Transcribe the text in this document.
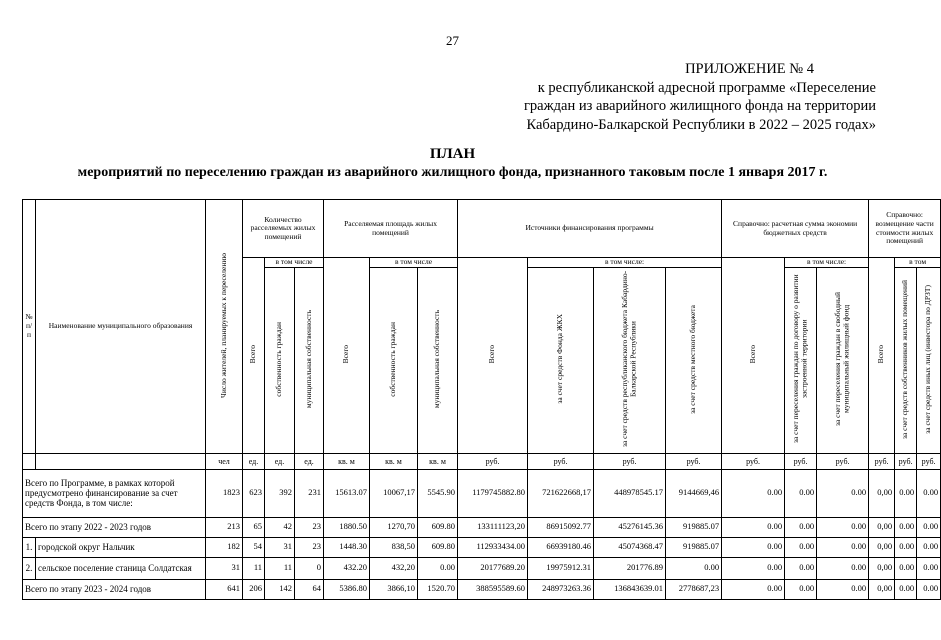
27
ПРИЛОЖЕНИЕ № 4
к республиканской адресной программе «Переселение
граждан из аварийного жилищного фонда на территории
Кабардино-Балкарской Республики в 2022 – 2025 годах»
ПЛАН
мероприятий по переселению граждан из аварийного жилищного фонда, признанного таковым после 1 января 2017 г.
№ п/п	Наименование муниципального образования	Число жителей, планируемых к переселению	Количество расселяемых жилых помещений			Расселяемая площадь жилых помещений			Источники финансирования программы				Справочно: расчетная сумма экономии бюджетных средств			Справочно: возмещение части стоимости жилых помещений		
			Всего	в том числе		Всего	в том числе		Всего	в том числе:			Всего	в том числе:		Всего	в том	
				собственность граждан	муниципальная собственность		собственность граждан	муниципальная собственность		за счет средств Фонда ЖКХ	за счет средств республиканского бюджета Кабардино-Балкарской Республики	за счет средств местного бюджета		за счет переселения граждан по договору о развитии застроенной территории	за счет переселения граждан в свободный муниципальный жилищный фонд		за счет средств собственников жилых помещений	за счет средств иных лиц (инвестора по ДРЗТ)
		чел	ед.	ед.	ед.	кв. м	кв. м	кв. м	руб.	руб.	руб.	руб.	руб.	руб.	руб.	руб.	руб.	руб.
Всего по Программе, в рамках которой предусмотрено финансирование за счет средств Фонда, в том числе:		1823	623	392	231	15613.07	10067,17	5545.90	1179745882.80	721622668,17	448978545.17	9144669,46	0.00	0.00	0.00	0,00	0.00	0.00
Всего по этапу 2022 - 2023 годов		213	65	42	23	1880.50	1270,70	609.80	133111123,20	86915092.77	45276145.36	919885.07	0.00	0.00	0.00	0,00	0.00	0.00
1.	городской округ Нальчик	182	54	31	23	1448.30	838,50	609.80	112933434.00	66939180.46	45074368.47	919885.07	0.00	0.00	0.00	0,00	0.00	0.00
2.	сельское поселение станица Солдатская	31	11	11	0	432.20	432,20	0.00	20177689.20	19975912.31	201776.89	0.00	0.00	0.00	0.00	0,00	0.00	0.00
Всего по этапу 2023 - 2024 годов		641	206	142	64	5386.80	3866,10	1520.70	388595589.60	248973263.36	136843639.01	2778687,23	0.00	0.00	0.00	0,00	0.00	0.00
